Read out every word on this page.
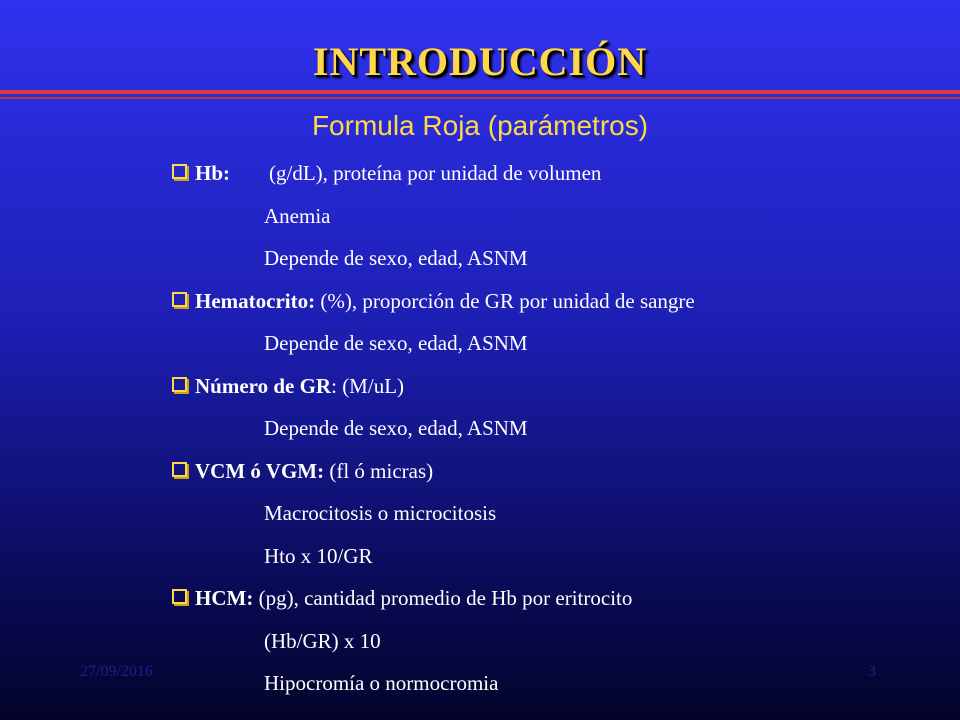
INTRODUCCIÓN
Formula Roja (parámetros)
Hb: (g/dL), proteína por unidad de volumen
Anemia
Depende de sexo, edad, ASNM
Hematocrito: (%), proporción de GR por unidad de sangre
Depende de sexo, edad, ASNM
Número de GR: (M/uL)
Depende de sexo, edad, ASNM
VCM ó VGM: (fl ó micras)
Macrocitosis o microcitosis
Hto x 10/GR
HCM: (pg), cantidad promedio de Hb por eritrocito
(Hb/GR) x 10
Hipocromía o normocromia
27/09/2016	3
